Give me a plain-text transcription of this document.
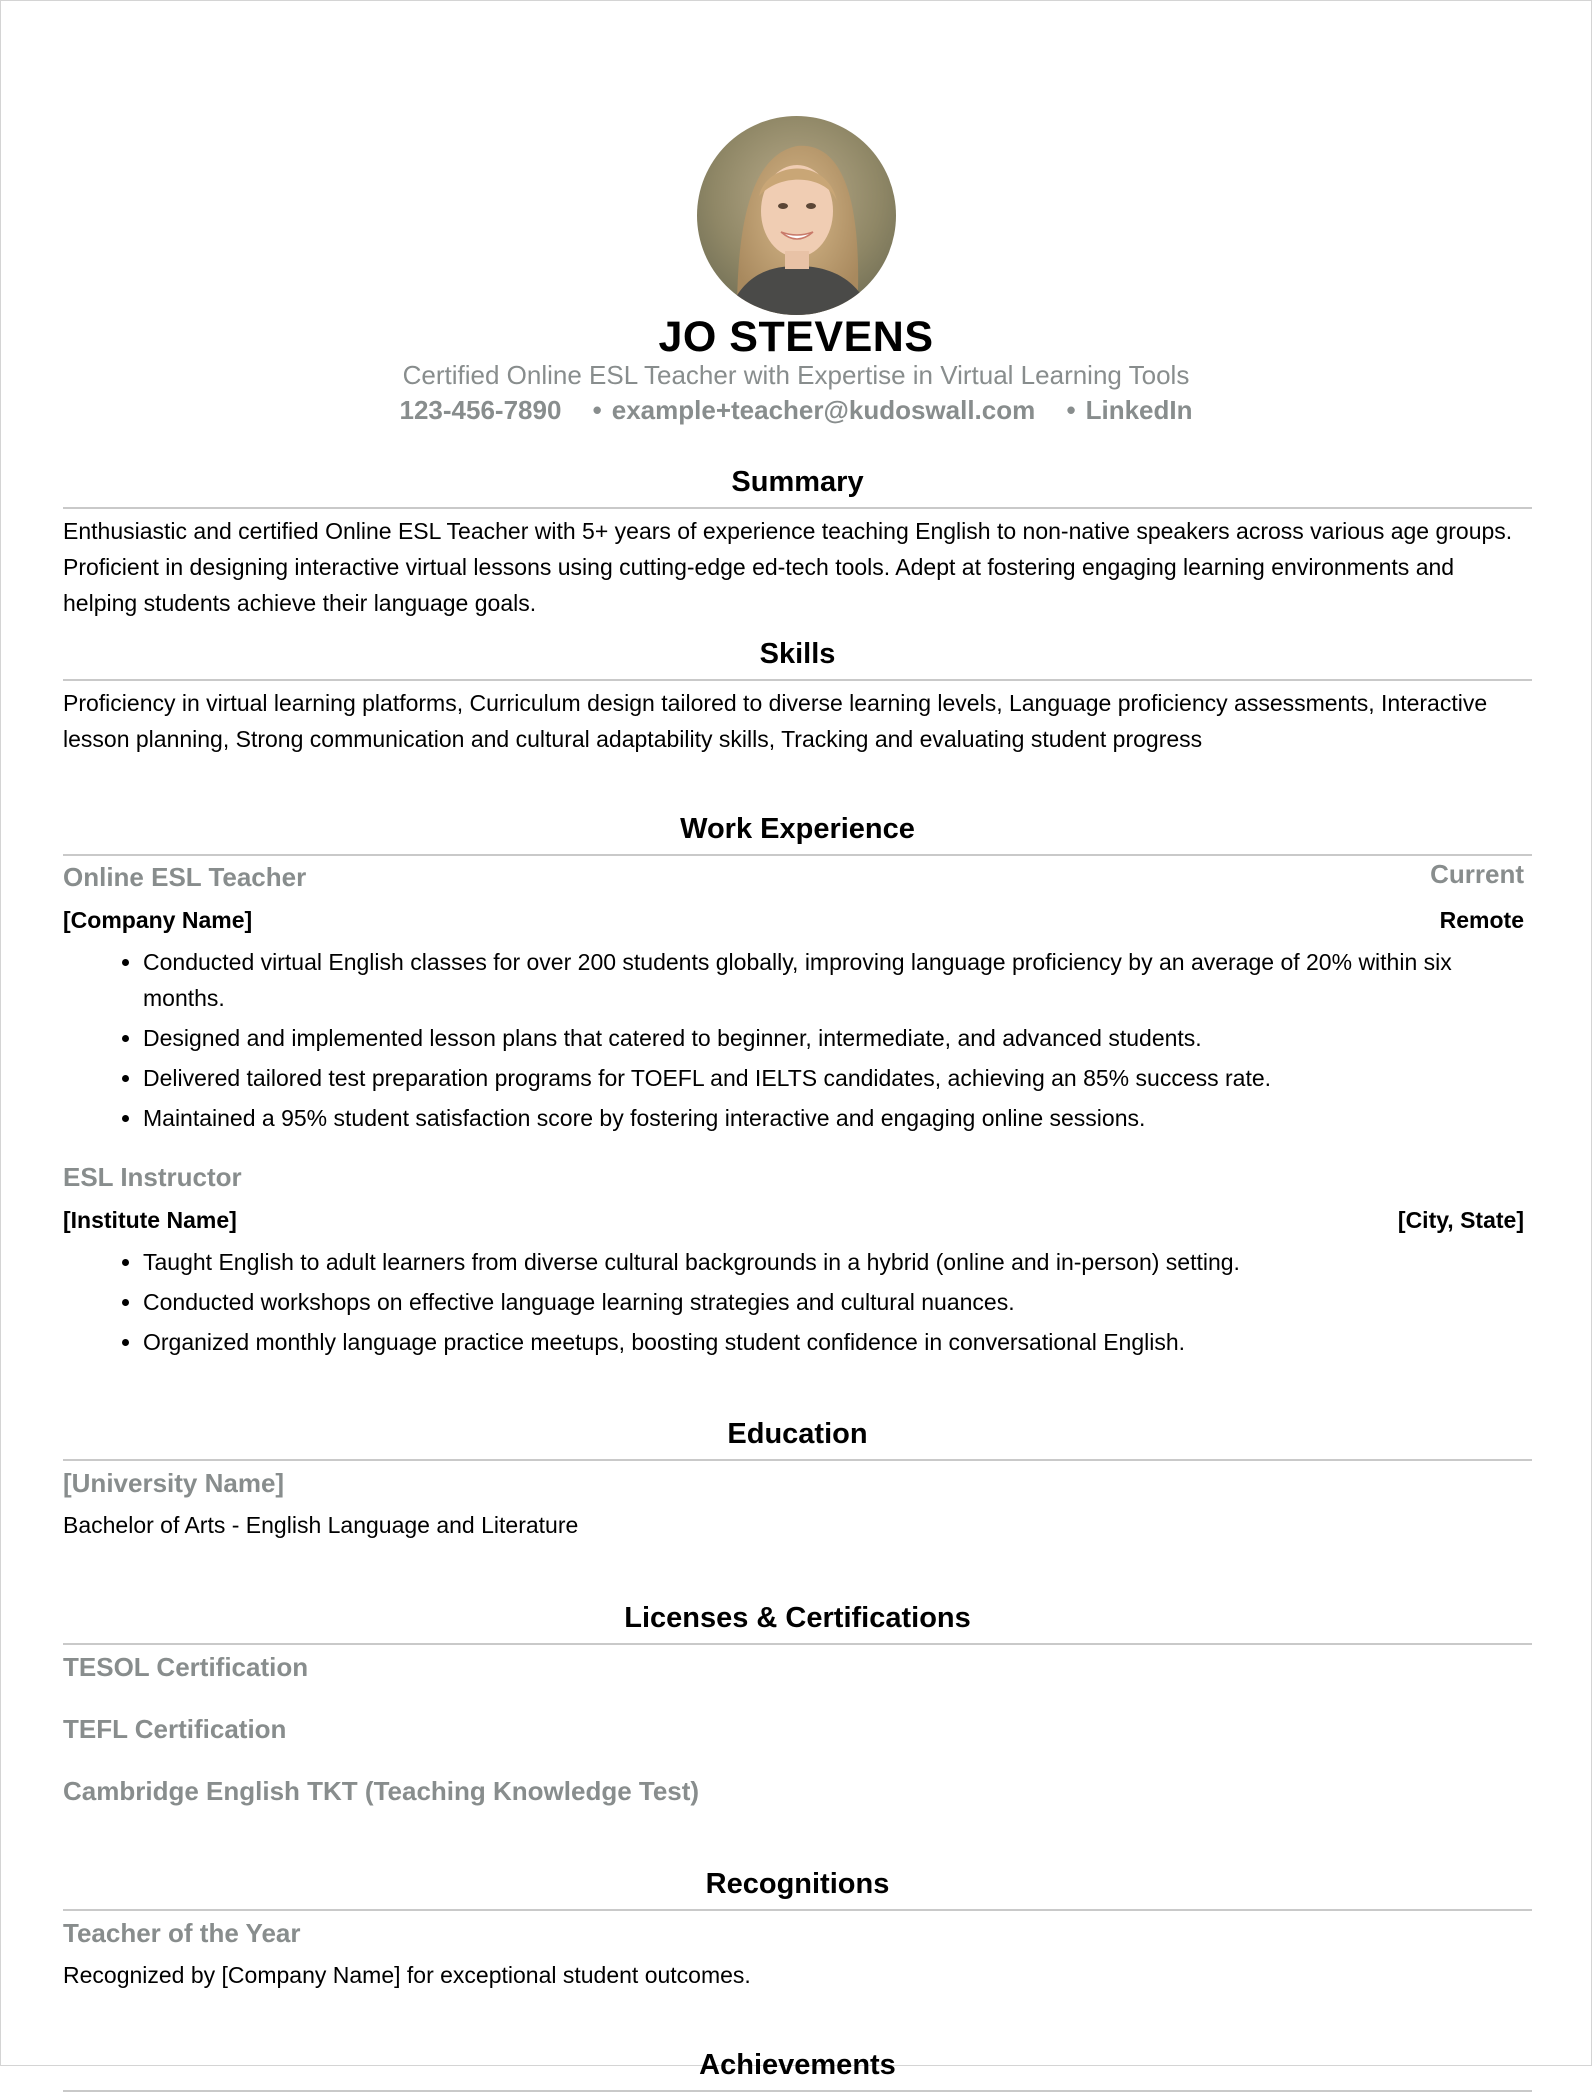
JO STEVENS
Certified Online ESL Teacher with Expertise in Virtual Learning Tools
123-456-7890 • example+teacher@kudoswall.com • LinkedIn
Summary
Enthusiastic and certified Online ESL Teacher with 5+ years of experience teaching English to non-native speakers across various age groups. Proficient in designing interactive virtual lessons using cutting-edge ed-tech tools. Adept at fostering engaging learning environments and helping students achieve their language goals.
Skills
Proficiency in virtual learning platforms, Curriculum design tailored to diverse learning levels, Language proficiency assessments, Interactive lesson planning, Strong communication and cultural adaptability skills, Tracking and evaluating student progress
Work Experience
Online ESL Teacher	Current
[Company Name]	Remote
• Conducted virtual English classes for over 200 students globally, improving language proficiency by an average of 20% within six months.
• Designed and implemented lesson plans that catered to beginner, intermediate, and advanced students.
• Delivered tailored test preparation programs for TOEFL and IELTS candidates, achieving an 85% success rate.
• Maintained a 95% student satisfaction score by fostering interactive and engaging online sessions.
ESL Instructor
[Institute Name]	[City, State]
• Taught English to adult learners from diverse cultural backgrounds in a hybrid (online and in-person) setting.
• Conducted workshops on effective language learning strategies and cultural nuances.
• Organized monthly language practice meetups, boosting student confidence in conversational English.
Education
[University Name]
Bachelor of Arts - English Language and Literature
Licenses & Certifications
TESOL Certification
TEFL Certification
Cambridge English TKT (Teaching Knowledge Test)
Recognitions
Teacher of the Year
Recognized by [Company Name] for exceptional student outcomes.
Achievements
